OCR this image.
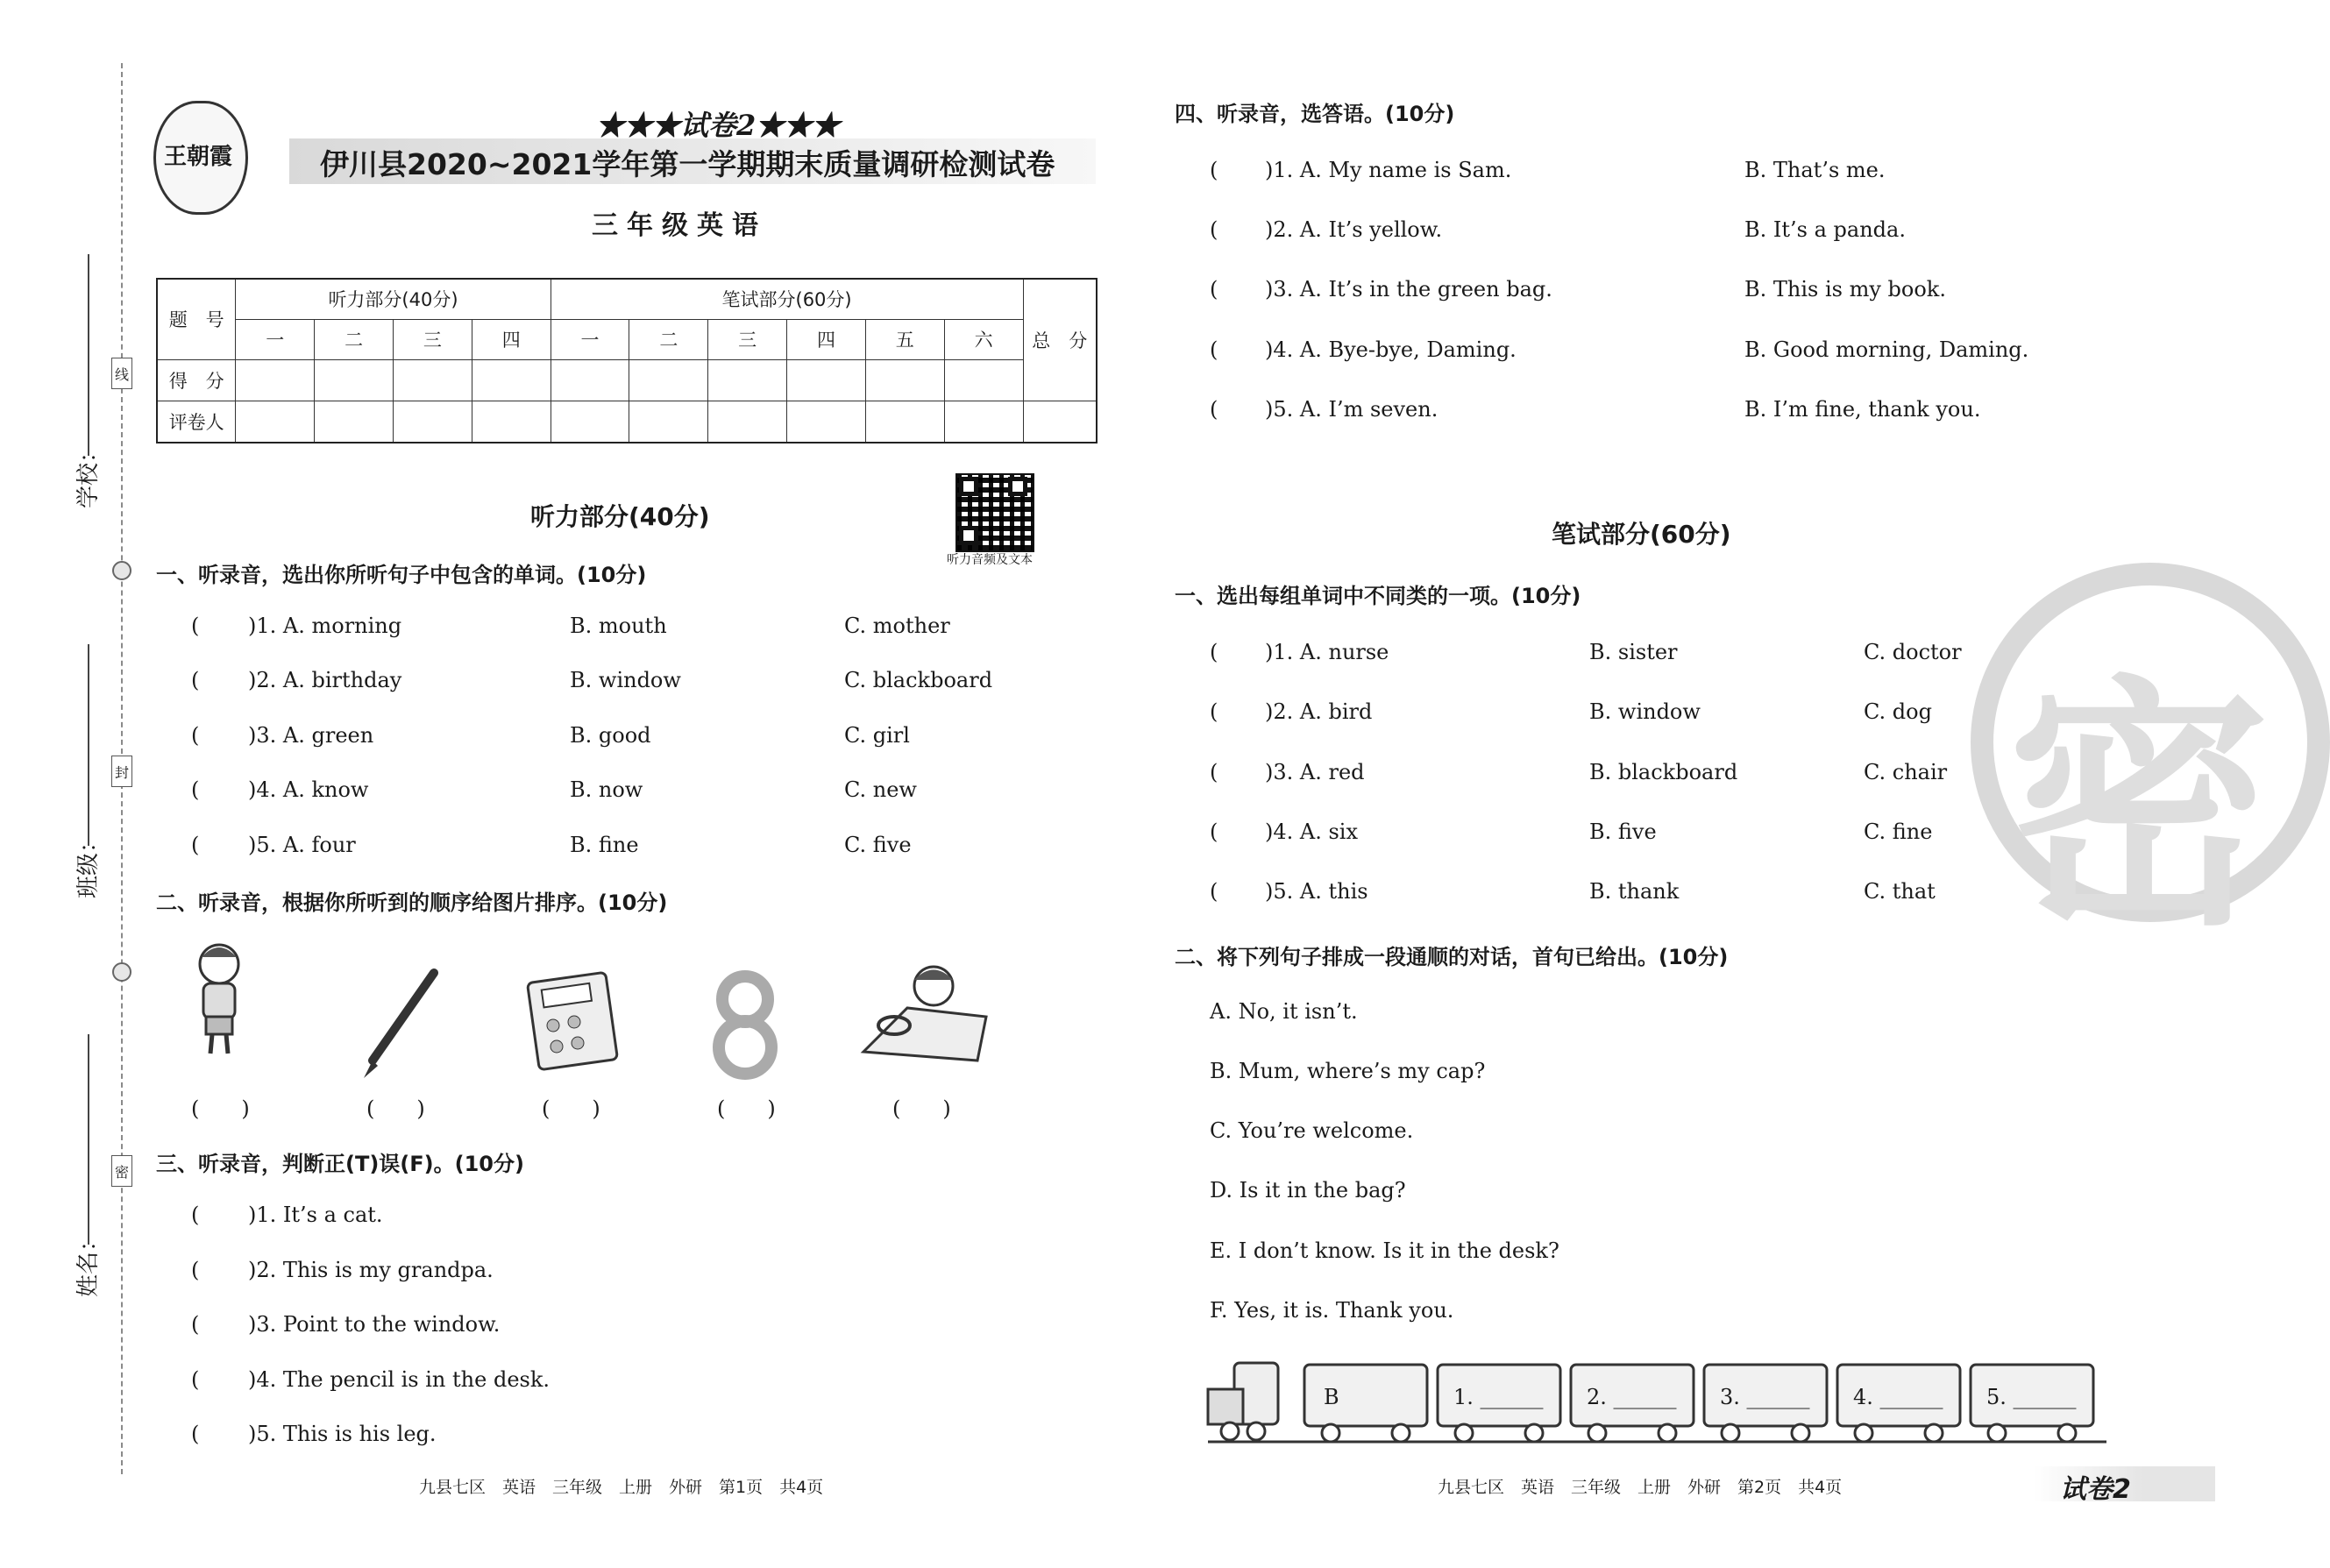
线
封
密
学校：
班级：
姓名：
王朝霞
★★★试卷2★★★
伊川县2020~2021学年第一学期期末质量调研检测试卷
三年级英语
题　号	听力部分(40分)				笔试部分(60分)						总　分
	一	二	三	四	一	二	三	四	五	六	
得　分											
评卷人											
听力部分(40分)
听力音频及文本
一、听录音，选出你所听句子中包含的单词。(10分)
( )1. A. morning	B. mouth	C. mother
( )2. A. birthday	B. window	C. blackboard
( )3. A. green	B. good	C. girl
( )4. A. know	B. now	C. new
( )5. A. four	B. fine	C. five
二、听录音，根据你所听到的顺序给图片排序。(10分)
(　　)	(　　)	(　　)	(　　)	(　　)
三、听录音，判断正(T)误(F)。(10分)
( )1. It’s a cat.
( )2. This is my grandpa.
( )3. Point to the window.
( )4. The pencil is in the desk.
( )5. This is his leg.
四、听录音，选答语。(10分)
( )1. A. My name is Sam.	B. That’s me.
( )2. A. It’s yellow.	B. It’s a panda.
( )3. A. It’s in the green bag.	B. This is my book.
( )4. A. Bye-bye, Daming.	B. Good morning, Daming.
( )5. A. I’m seven.	B. I’m fine, thank you.
密
笔试部分(60分)
一、选出每组单词中不同类的一项。(10分)
( )1. A. nurse	B. sister	C. doctor
( )2. A. bird	B. window	C. dog
( )3. A. red	B. blackboard	C. chair
( )4. A. six	B. five	C. fine
( )5. A. this	B. thank	C. that
二、将下列句子排成一段通顺的对话，首句已给出。(10分)
A. No, it isn’t.
B. Mum, where’s my cap?
C. You’re welcome.
D. Is it in the bag?
E. I don’t know. Is it in the desk?
F. Yes, it is. Thank you.
B	1. ______ 2. ______ 3. ______ 4. ______ 5. ______
九县七区　英语　三年级　上册　外研　第1页　共4页	九县七区　英语　三年级　上册　外研　第2页　共4页	试卷2
